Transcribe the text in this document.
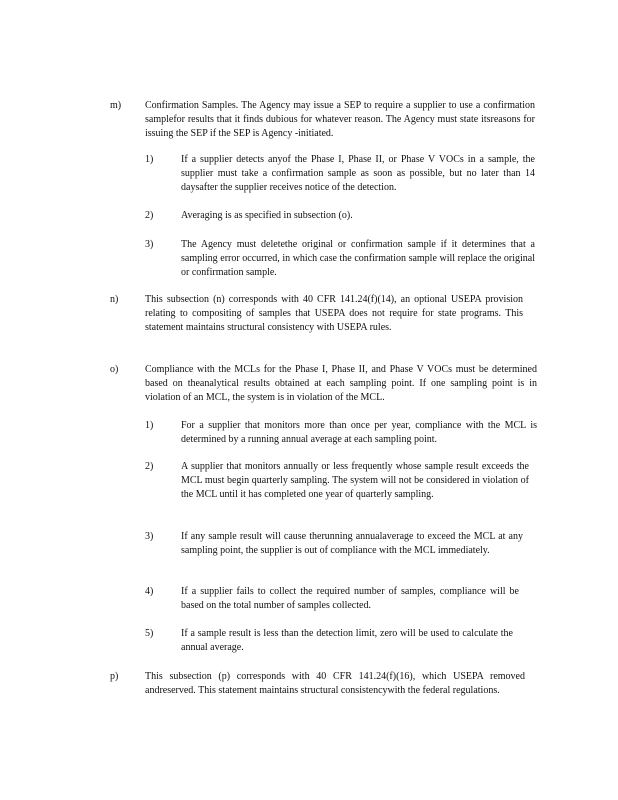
m) Confirmation Samples. The Agency may issue a SEP to require a supplier to use a confirmation samplefor results that it finds dubious for whatever reason. The Agency must state itsreasons for issuing the SEP if the SEP is Agency -initiated.
1)	If a supplier detects anyof the Phase I, Phase II, or Phase V VOCs in a sample, the supplier must take a confirmation sample as soon as possible, but no later than 14 daysafter the supplier receives notice of the detection.
2)	Averaging is as specified in subsection (o).
3)	The Agency must deletethe original or confirmation sample if it determines that a sampling error occurred, in which case the confirmation sample will replace the original or confirmation sample.
n)	This subsection (n) corresponds with 40 CFR 141.24(f)(14), an optional USEPA provision relating to compositing of samples that USEPA does not require for state programs. This statement maintains structural consistency with USEPA rules.
o)	Compliance with the MCLs for the Phase I, Phase II, and Phase V VOCs must be determined based on theanalytical results obtained at each sampling point. If one sampling point is in violation of an MCL, the system is in violation of the MCL.
1)	For a supplier that monitors more than once per year, compliance with the MCL is determined by a running annual average at each sampling point.
2)	A supplier that monitors annually or less frequently whose sample result exceeds the MCL must begin quarterly sampling. The system will not be considered in violation of the MCL until it has completed one year of quarterly sampling.
3)	If any sample result will cause therunning annualaverage to exceed the MCL at any sampling point, the supplier is out of compliance with the MCL immediately.
4)	If a supplier fails to collect the required number of samples, compliance will be based on the total number of samples collected.
5)	If a sample result is less than the detection limit, zero will be used to calculate the annual average.
p)	This subsection (p) corresponds with 40 CFR 141.24(f)(16), which USEPA removed andreserved. This statement maintains structural consistencywith the federal regulations.
